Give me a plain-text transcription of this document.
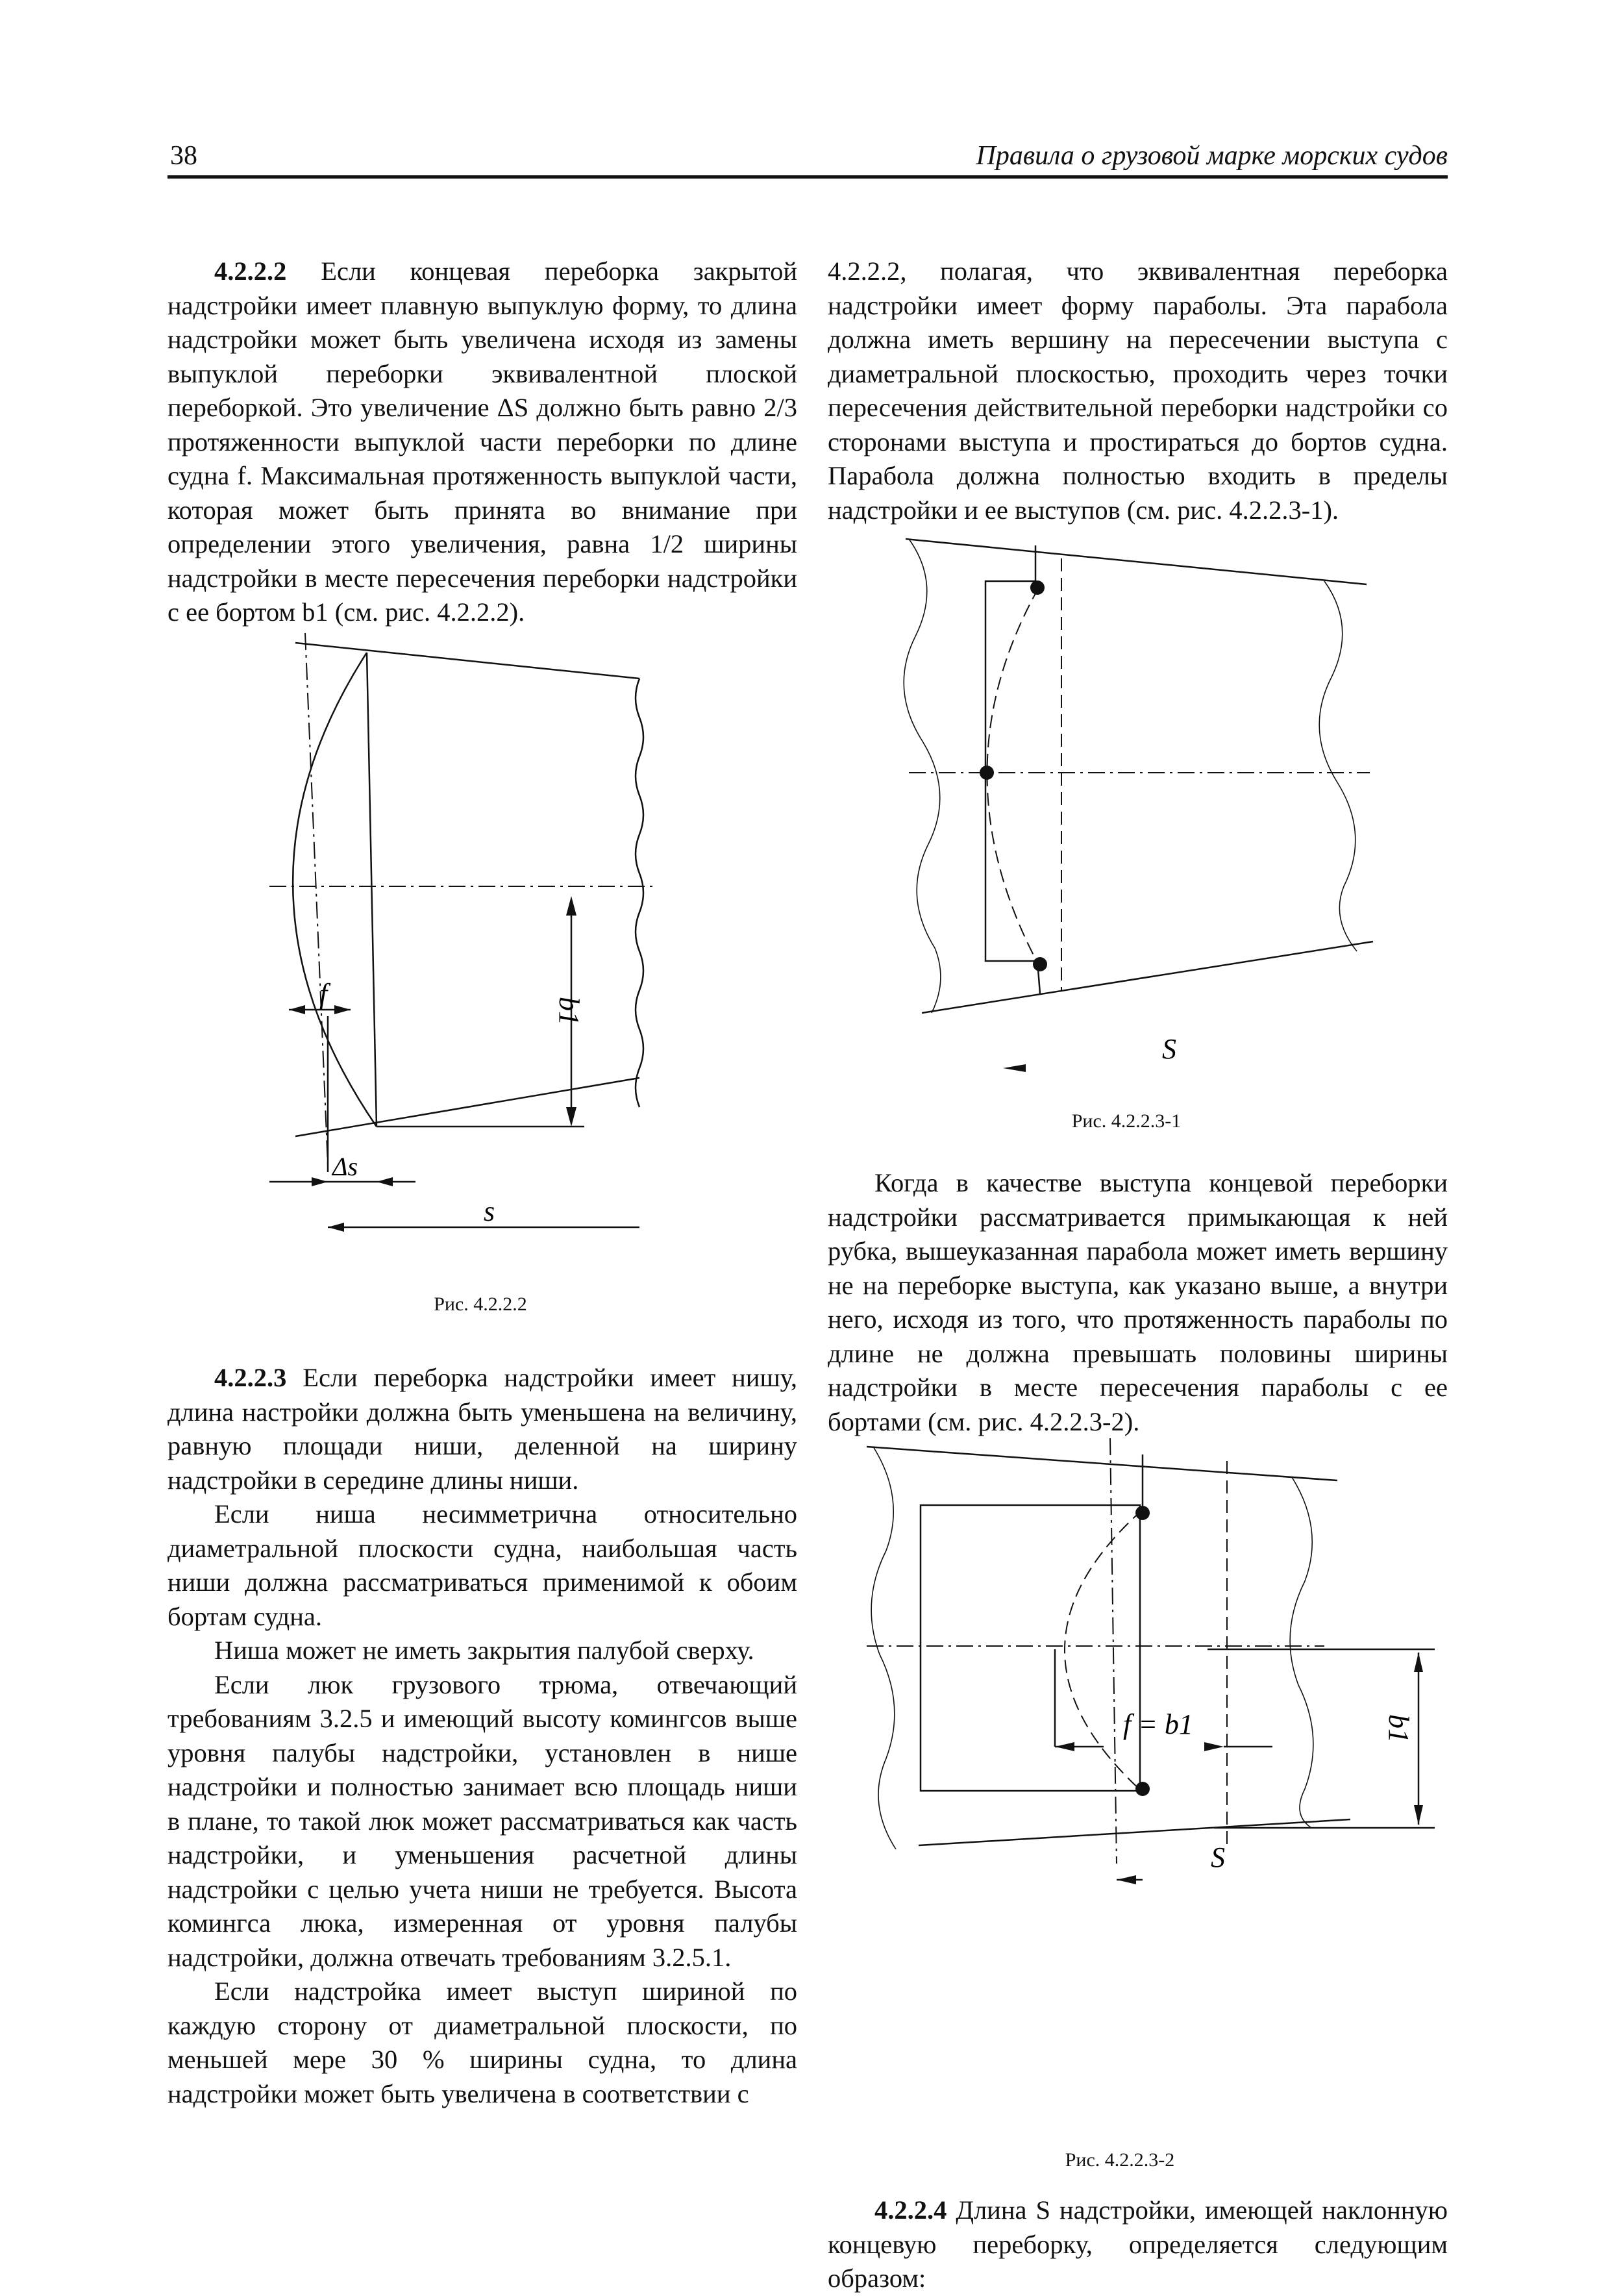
38	Правила о грузовой марке морских судов

4.2.2.2 Если концевая переборка закрытой надстройки имеет плавную выпуклую форму, то длина надстройки может быть увеличена исходя из замены выпуклой переборки эквивалентной плоской переборкой. Это увеличение ΔS должно быть равно 2/3 протяженности выпуклой части переборки по длине судна f. Максимальная протяженность выпуклой части, которая может быть принята во внимание при определении этого увеличения, равна 1/2 ширины надстройки в месте пересечения переборки надстройки с ее бортом b1 (см. рис. 4.2.2.2).

f
b1
Δs
s
Рис. 4.2.2.2

4.2.2.3 Если переборка надстройки имеет нишу, длина настройки должна быть уменьшена на величину, равную площади ниши, деленной на ширину надстройки в середине длины ниши.

Если ниша несимметрична относительно диаметральной плоскости судна, наибольшая часть ниши должна рассматриваться применимой к обоим бортам судна.

Ниша может не иметь закрытия палубой сверху.

Если люк грузового трюма, отвечающий требованиям 3.2.5 и имеющий высоту комингсов выше уровня палубы надстройки, установлен в нише надстройки и полностью занимает всю площадь ниши в плане, то такой люк может рассматриваться как часть надстройки, и уменьшения расчетной длины надстройки с целью учета ниши не требуется. Высота комингса люка, измеренная от уровня палубы надстройки, должна отвечать требованиям 3.2.5.1.

Если надстройка имеет выступ шириной по каждую сторону от диаметральной плоскости, по меньшей мере 30 % ширины судна, то длина надстройки может быть увеличена в соответствии с

4.2.2.2, полагая, что эквивалентная переборка надстройки имеет форму параболы. Эта парабола должна иметь вершину на пересечении выступа с диаметральной плоскостью, проходить через точки пересечения действительной переборки надстройки со сторонами выступа и простираться до бортов судна. Парабола должна полностью входить в пределы надстройки и ее выступов (см. рис. 4.2.2.3-1).

S
Рис. 4.2.2.3-1

Когда в качестве выступа концевой переборки надстройки рассматривается примыкающая к ней рубка, вышеуказанная парабола может иметь вершину не на переборке выступа, как указано выше, а внутри него, исходя из того, что протяженность параболы по длине не должна превышать половины ширины надстройки в месте пересечения параболы с ее бортами (см. рис. 4.2.2.3-2).

f = b1	b1
S
Рис. 4.2.2.3-2

4.2.2.4 Длина S надстройки, имеющей наклонную концевую переборку, определяется следующим образом:
